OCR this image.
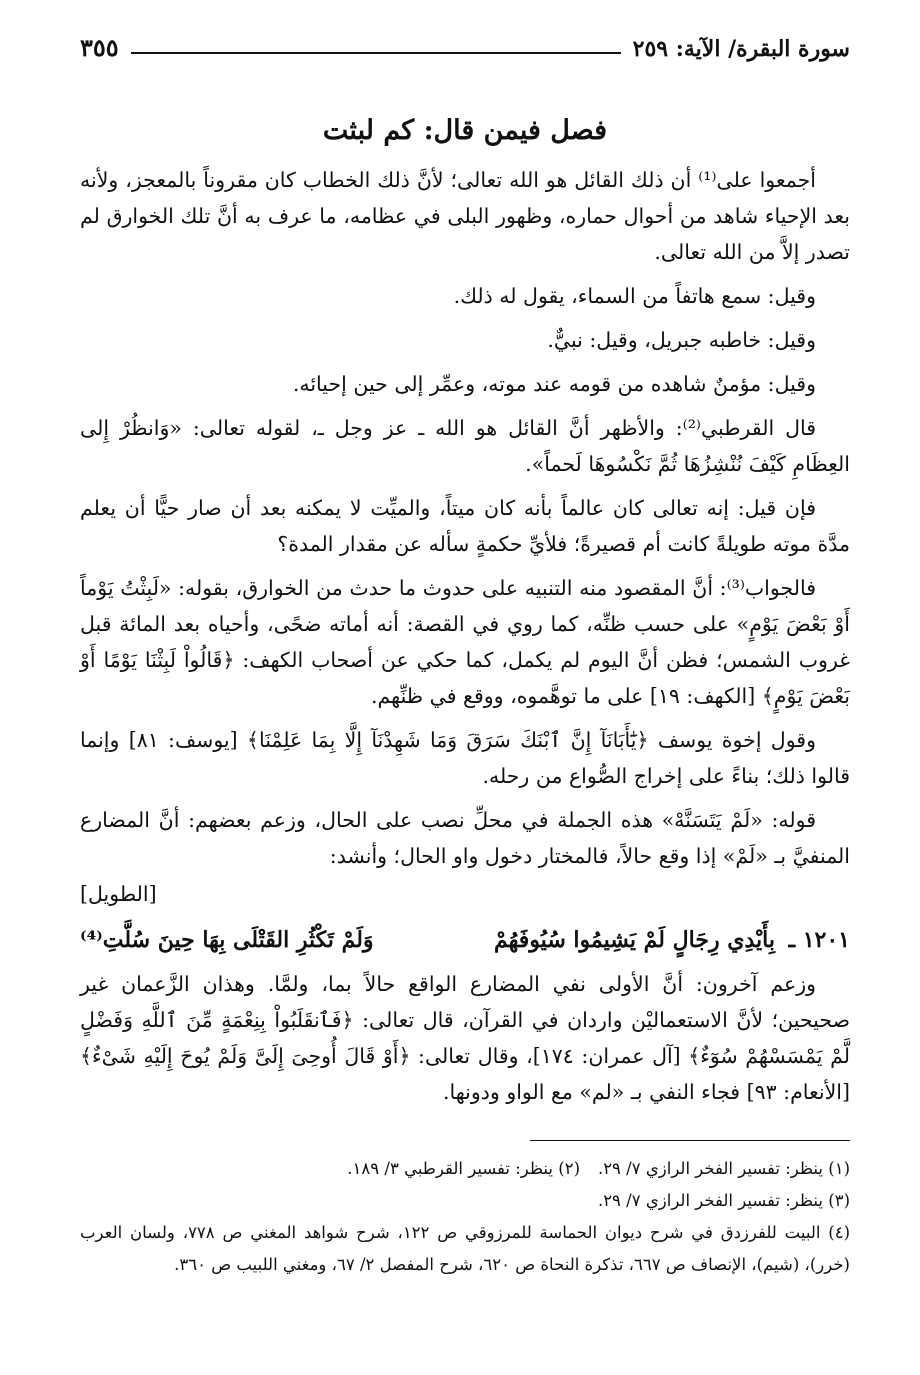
سورة البقرة/ الآية: ٢٥٩
٣٥٥
فصل فيمن قال: كم لبثت

أجمعوا على⁽¹⁾ أن ذلك القائل هو الله تعالى؛ لأنَّ ذلك الخطاب كان مقروناً بالمعجز، ولأنه بعد الإحياء شاهد من أحوال حماره، وظهور البلى في عظامه، ما عرف به أنَّ تلك الخوارق لم تصدر إلاَّ من الله تعالى.

وقيل: سمع هاتفاً من السماء، يقول له ذلك.

وقيل: خاطبه جبريل، وقيل: نبيٌّ.

وقيل: مؤمنٌ شاهده من قومه عند موته، وعمِّر إلى حين إحيائه.

قال القرطبي⁽²⁾: والأظهر أنَّ القائل هو الله ـ عز وجل ـ، لقوله تعالى: «وَانظُرْ إِلى العِظَامِ كَيْفَ نُنْشِزُهَا ثُمَّ نَكْسُوهَا لَحماً».

فإن قيل: إنه تعالى كان عالماً بأنه كان ميتاً، والميِّت لا يمكنه بعد أن صار حيًّا أن يعلم مدَّة موته طويلةً كانت أم قصيرةً؛ فلأيِّ حكمةٍ سأله عن مقدار المدة؟

فالجواب⁽³⁾: أنَّ المقصود منه التنبيه على حدوث ما حدث من الخوارق، بقوله: «لَبِثْتُ يَوْماً أَوْ بَعْضَ يَوْمٍ» على حسب ظنِّه، كما روي في القصة: أنه أماته ضحًى، وأحياه بعد المائة قبل غروب الشمس؛ فظن أنَّ اليوم لم يكمل، كما حكي عن أصحاب الكهف: ﴿قَالُواْ لَبِثْنَا يَوْمًا أَوْ بَعْضَ يَوْمٍ﴾ [الكهف: ١٩] على ما توهَّموه، ووقع في ظنِّهم.

وقول إخوة يوسف ﴿يَٰٓأَبَانَآ إِنَّ ٱبْنَكَ سَرَقَ وَمَا شَهِدْنَآ إِلَّا بِمَا عَلِمْنَا﴾ [يوسف: ٨١] وإنما قالوا ذلك؛ بناءً على إخراج الصُّواع من رحله.

قوله: «لَمْ يَتَسَنَّهْ» هذه الجملة في محلِّ نصب على الحال، وزعم بعضهم: أنَّ المضارع المنفيَّ بـ «لَمْ» إذا وقع حالاً، فالمختار دخول واو الحال؛ وأنشد:

[الطويل]

١٢٠١ ـ بِأَيْدِي رِجَالٍ لَمْ يَشِيمُوا سُيُوفَهُمْ
وَلَمْ تَكْثُرِ القَتْلَى بِهَا حِينَ سُلَّتِ⁽⁴⁾

وزعم آخرون: أنَّ الأولى نفي المضارع الواقع حالاً بما، ولمَّا. وهذان الزَّعمان غير صحيحين؛ لأنَّ الاستعماليْن واردان في القرآن، قال تعالى: ﴿فَٱنقَلَبُواْ بِنِعْمَةٍ مِّنَ ٱللَّهِ وَفَضْلٍ لَّمْ يَمْسَسْهُمْ سُوٓءٌ﴾ [آل عمران: ١٧٤]، وقال تعالى: ﴿أَوْ قَالَ أُوحِىَ إِلَىَّ وَلَمْ يُوحَ إِلَيْهِ شَىْءٌ﴾ [الأنعام: ٩٣] فجاء النفي بـ «لم» مع الواو ودونها.

(١) ينظر: تفسير الفخر الرازي ٧/ ٢٩.
(٢) ينظر: تفسير القرطبي ٣/ ١٨٩.
(٣) ينظر: تفسير الفخر الرازي ٧/ ٢٩.
(٤) البيت للفرزدق في شرح ديوان الحماسة للمرزوقي ص ١٢٢، شرح شواهد المغني ص ٧٧٨، ولسان العرب (خرر)، (شيم)، الإنصاف ص ٦٦٧، تذكرة النحاة ص ٦٢٠، شرح المفصل ٢/ ٦٧، ومغني اللبيب ص ٣٦٠.
